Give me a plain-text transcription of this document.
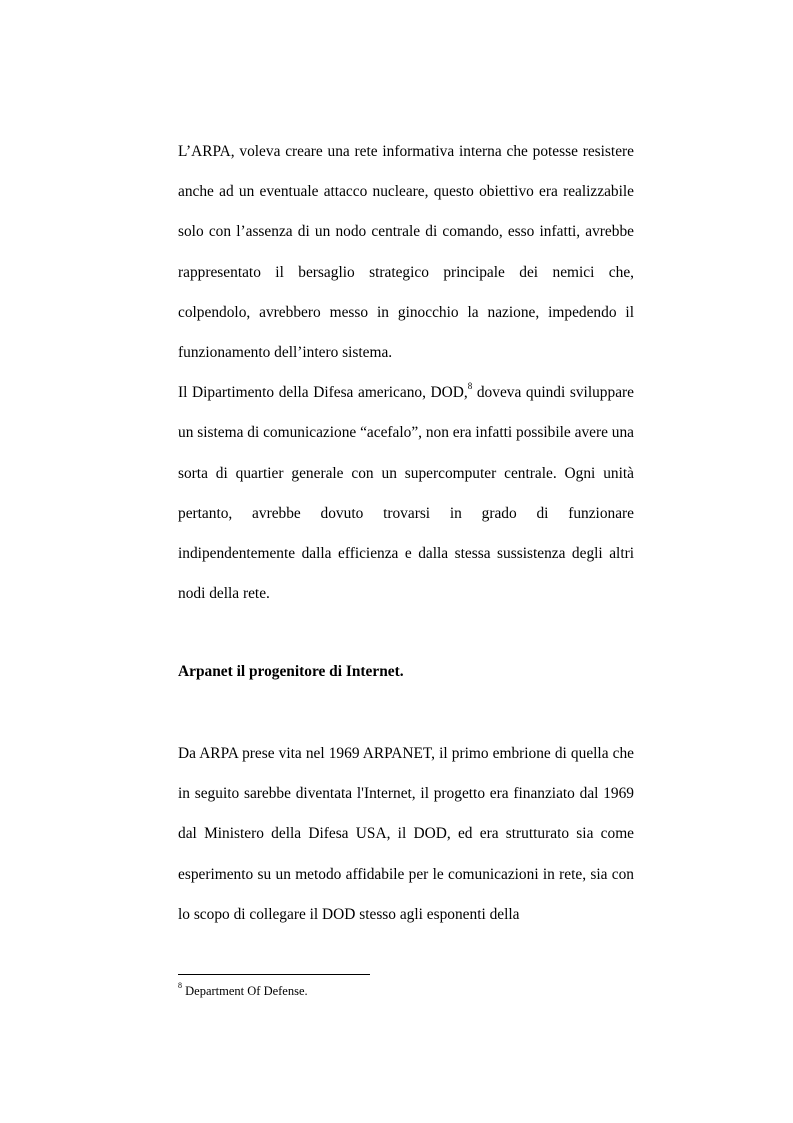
L’ARPA, voleva creare una rete informativa interna che potesse resistere anche ad un eventuale attacco nucleare, questo obiettivo era realizzabile solo con l’assenza di un nodo centrale di comando, esso infatti, avrebbe rappresentato il bersaglio strategico principale dei nemici che, colpendolo, avrebbero messo in ginocchio la nazione, impedendo il funzionamento dell’intero sistema.

Il Dipartimento della Difesa americano, DOD,$^8$ doveva quindi sviluppare un sistema di comunicazione “acefalo”, non era infatti possibile avere una sorta di quartier generale con un supercomputer centrale. Ogni unità pertanto, avrebbe dovuto trovarsi in grado di funzionare indipendentemente dalla efficienza e dalla stessa sussistenza degli altri nodi della rete.

Arpanet il progenitore di Internet.

Da ARPA prese vita nel 1969 ARPANET, il primo embrione di quella che in seguito sarebbe diventata l'Internet, il progetto era finanziato dal 1969 dal Ministero della Difesa USA, il DOD, ed era strutturato sia come esperimento su un metodo affidabile per le comunicazioni in rete, sia con lo scopo di collegare il DOD stesso agli esponenti della

$^8$ Department Of Defense.
